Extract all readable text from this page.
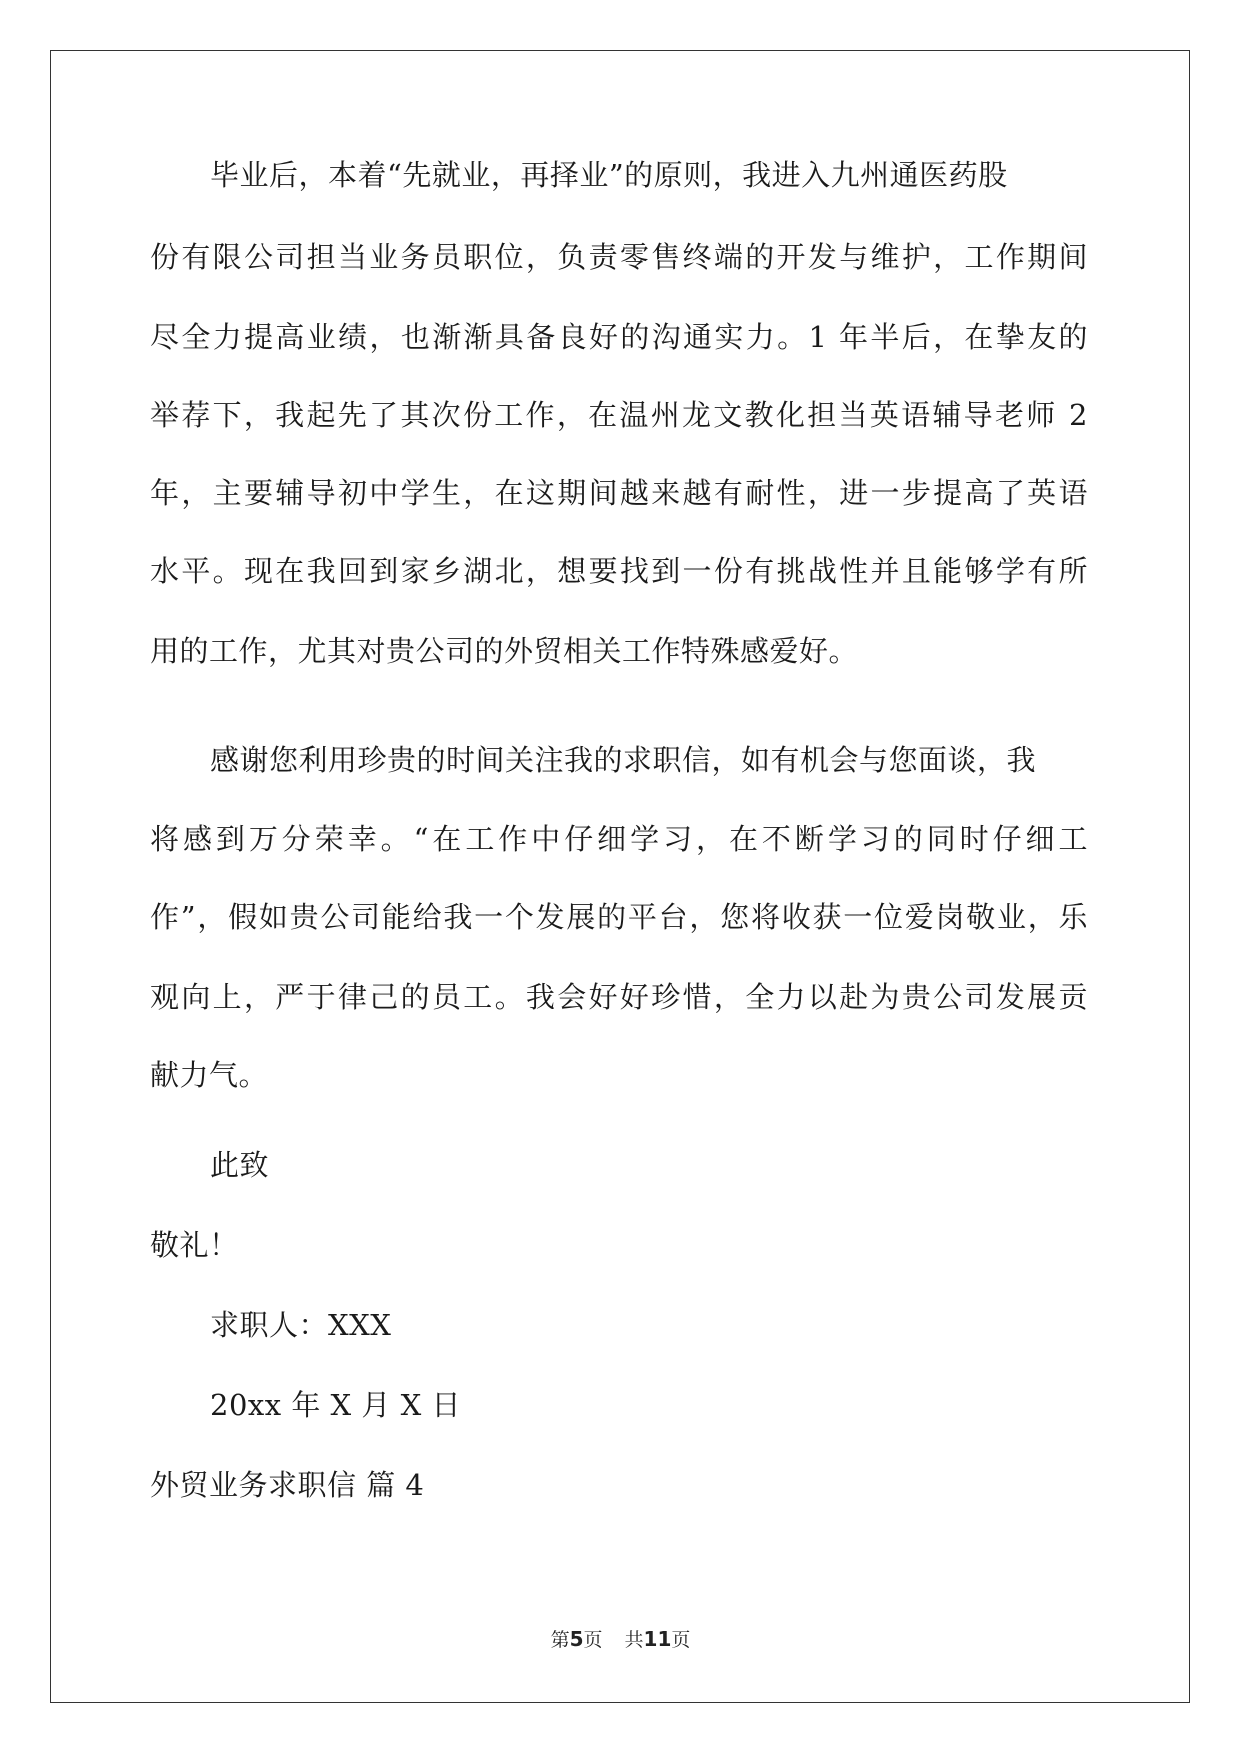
毕业后，本着“先就业，再择业”的原则，我进入九州通医药股
份有限公司担当业务员职位，负责零售终端的开发与维护，工作期间
尽全力提高业绩，也渐渐具备良好的沟通实力。1 年半后，在挚友的
举荐下，我起先了其次份工作，在温州龙文教化担当英语辅导老师 2
年，主要辅导初中学生，在这期间越来越有耐性，进一步提高了英语
水平。现在我回到家乡湖北，想要找到一份有挑战性并且能够学有所
用的工作，尤其对贵公司的外贸相关工作特殊感爱好。
感谢您利用珍贵的时间关注我的求职信，如有机会与您面谈，我
将感到万分荣幸。“在工作中仔细学习，在不断学习的同时仔细工
作”，假如贵公司能给我一个发展的平台，您将收获一位爱岗敬业，乐
观向上，严于律己的员工。我会好好珍惜，全力以赴为贵公司发展贡
献力气。
此致
敬礼！
求职人：XXX
20xx 年 X 月 X 日
外贸业务求职信 篇 4
第5页 共11页
